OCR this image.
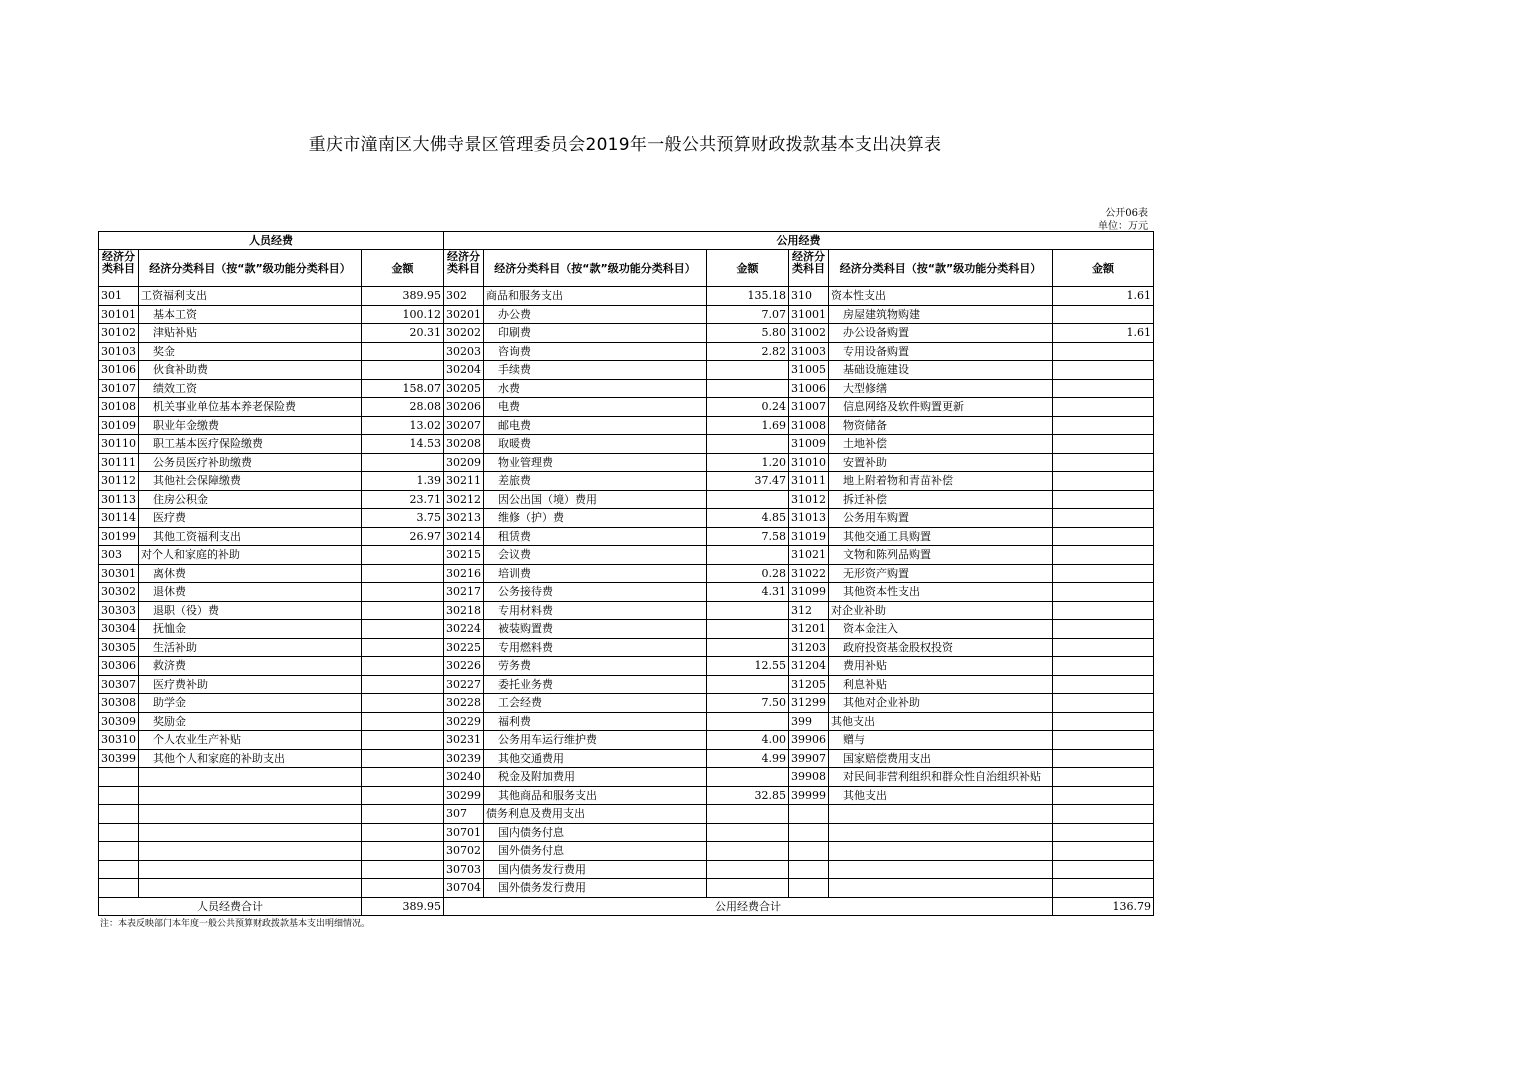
重庆市潼南区大佛寺景区管理委员会2019年一般公共预算财政拨款基本支出决算表
公开06表
单位：万元
人员经费			公用经费					
经济分类科目	经济分类科目（按“款”级功能分类科目）	金额	经济分类科目	经济分类科目（按“款”级功能分类科目）	金额	经济分类科目	经济分类科目（按“款”级功能分类科目）	金额
301	工资福利支出	389.95	302	商品和服务支出	135.18	310	资本性支出	1.61
30101	基本工资	100.12	30201	办公费	7.07	31001	房屋建筑物购建	
30102	津贴补贴	20.31	30202	印刷费	5.80	31002	办公设备购置	1.61
30103	奖金		30203	咨询费	2.82	31003	专用设备购置	
30106	伙食补助费		30204	手续费		31005	基础设施建设	
30107	绩效工资	158.07	30205	水费		31006	大型修缮	
30108	机关事业单位基本养老保险费	28.08	30206	电费	0.24	31007	信息网络及软件购置更新	
30109	职业年金缴费	13.02	30207	邮电费	1.69	31008	物资储备	
30110	职工基本医疗保险缴费	14.53	30208	取暖费		31009	土地补偿	
30111	公务员医疗补助缴费		30209	物业管理费	1.20	31010	安置补助	
30112	其他社会保障缴费	1.39	30211	差旅费	37.47	31011	地上附着物和青苗补偿	
30113	住房公积金	23.71	30212	因公出国（境）费用		31012	拆迁补偿	
30114	医疗费	3.75	30213	维修（护）费	4.85	31013	公务用车购置	
30199	其他工资福利支出	26.97	30214	租赁费	7.58	31019	其他交通工具购置	
303	对个人和家庭的补助		30215	会议费		31021	文物和陈列品购置	
30301	离休费		30216	培训费	0.28	31022	无形资产购置	
30302	退休费		30217	公务接待费	4.31	31099	其他资本性支出	
30303	退职（役）费		30218	专用材料费		312	对企业补助	
30304	抚恤金		30224	被装购置费		31201	资本金注入	
30305	生活补助		30225	专用燃料费		31203	政府投资基金股权投资	
30306	救济费		30226	劳务费	12.55	31204	费用补贴	
30307	医疗费补助		30227	委托业务费		31205	利息补贴	
30308	助学金		30228	工会经费	7.50	31299	其他对企业补助	
30309	奖励金		30229	福利费		399	其他支出	
30310	个人农业生产补贴		30231	公务用车运行维护费	4.00	39906	赠与	
30399	其他个人和家庭的补助支出		30239	其他交通费用	4.99	39907	国家赔偿费用支出	
			30240	税金及附加费用		39908	对民间非营利组织和群众性自治组织补贴	
			30299	其他商品和服务支出	32.85	39999	其他支出	
			307	债务利息及费用支出				
			30701	国内债务付息				
			30702	国外债务付息				
			30703	国内债务发行费用				
			30704	国外债务发行费用				
人员经费合计		389.95	公用经费合计					136.79
注：本表反映部门本年度一般公共预算财政拨款基本支出明细情况。
